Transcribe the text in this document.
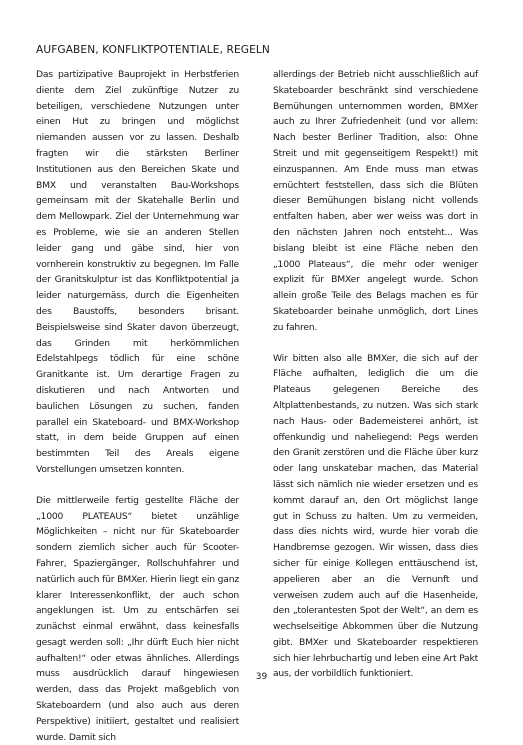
AUFGABEN, KONFLIKTPOTENTIALE, REGELN

Das partizipative Bauprojekt in Herbstferien diente dem Ziel zukünftige Nutzer zu beteiligen, verschiedene Nutzungen unter einen Hut zu bringen und möglichst niemanden aussen vor zu lassen. Deshalb fragten wir die stärksten Berliner Institutionen aus den Bereichen Skate und BMX und veranstalten Bau-Workshops gemeinsam mit der Skatehalle Berlin und dem Mellowpark. Ziel der Unternehmung war es Probleme, wie sie an anderen Stellen leider gang und gäbe sind, hier von vornherein konstruktiv zu begegnen. Im Falle der Granitskulptur ist das Konfliktpotential ja leider naturgemäss, durch die Eigenheiten des Baustoffs, besonders brisant. Beispielsweise sind Skater davon überzeugt, das Grinden mit herkömmlichen Edelstahlpegs tödlich für eine schöne Granitkante ist. Um derartige Fragen zu diskutieren und nach Antworten und baulichen Lösungen zu suchen, fanden parallel ein Skateboard- und BMX-Workshop statt, in dem beide Gruppen auf einen bestimmten Teil des Areals eigene Vorstellungen umsetzen konnten.

Die mittlerweile fertig gestellte Fläche der „1000 PLATEAUS“ bietet unzählige Möglichkeiten – nicht nur für Skateboarder sondern ziemlich sicher auch für Scooter-Fahrer, Spaziergänger, Rollschuhfahrer und natürlich auch für BMXer. Hierin liegt ein ganz klarer Interessenkonflikt, der auch schon angeklungen ist. Um zu entschärfen sei zunächst einmal erwähnt, dass keinesfalls gesagt werden soll: „Ihr dürft Euch hier nicht aufhalten!“ oder etwas ähnliches. Allerdings muss ausdrücklich darauf hingewiesen werden, dass das Projekt maßgeblich von Skateboardern (und also auch aus deren Perspektive) initiiert, gestaltet und realisiert wurde. Damit sich

allerdings der Betrieb nicht ausschließlich auf Skateboarder beschränkt sind verschiedene Bemühungen unternommen worden, BMXer auch zu Ihrer Zufriedenheit (und vor allem: Nach bester Berliner Tradition, also: Ohne Streit und mit gegenseitigem Respekt!) mit einzuspannen. Am Ende muss man etwas ernüchtert feststellen, dass sich die Blüten dieser Bemühungen bislang nicht vollends entfalten haben, aber wer weiss was dort in den nächsten Jahren noch entsteht... Was bislang bleibt ist eine Fläche neben den „1000 Plateaus“, die mehr oder weniger explizit für BMXer angelegt wurde. Schon allein große Teile des Belags machen es für Skateboarder beinahe unmöglich, dort Lines zu fahren.

Wir bitten also alle BMXer, die sich auf der Fläche aufhalten, lediglich die um die Plateaus gelegenen Bereiche des Altplattenbestands, zu nutzen. Was sich stark nach Haus- oder Bademeisterei anhört, ist offenkundig und naheliegend: Pegs werden den Granit zerstören und die Fläche über kurz oder lang unskatebar machen, das Material lässt sich nämlich nie wieder ersetzen und es kommt darauf an, den Ort möglichst lange gut in Schuss zu halten. Um zu vermeiden, dass dies nichts wird, wurde hier vorab die Handbremse gezogen. Wir wissen, dass dies sicher für einige Kollegen enttäuschend ist, appelieren aber an die Vernunft und verweisen zudem auch auf die Hasenheide, den „tolerantesten Spot der Welt“, an dem es wechselseitige Abkommen über die Nutzung gibt. BMXer und Skateboarder respektieren sich hier lehrbuchartig und leben eine Art Pakt aus, der vorbildlich funktioniert.

39
